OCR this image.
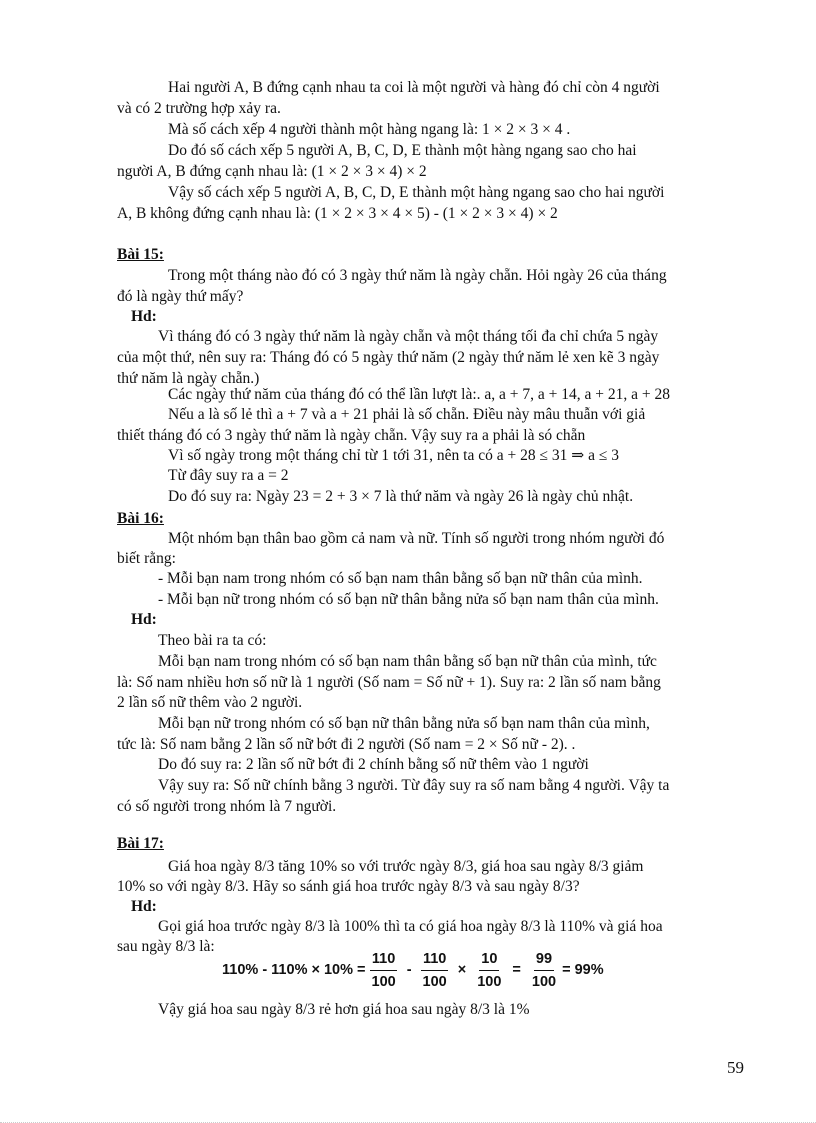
Hai người A, B đứng cạnh nhau ta coi là một người và hàng đó chỉ còn 4 người
và có 2 trường hợp xảy ra.
Mà số cách xếp 4 người thành một hàng ngang là: 1 × 2 × 3 × 4 .
Do đó số cách xếp 5 người A, B, C, D, E thành một hàng ngang sao cho hai
người A, B đứng cạnh nhau là: (1 × 2 × 3 × 4) × 2
Vậy số cách xếp 5 người A, B, C, D, E thành một hàng ngang sao cho hai người
A, B không đứng cạnh nhau là: (1 × 2 × 3 × 4 × 5) - (1 × 2 × 3 × 4) × 2
Bài 15:
Trong một tháng nào đó có 3 ngày thứ năm là ngày chẵn. Hỏi ngày 26 của tháng
đó là ngày thứ mấy?
Hd:
Vì tháng đó có 3 ngày thứ năm là ngày chẵn và một tháng tối đa chỉ chứa 5 ngày
của một thứ, nên suy ra: Tháng đó có 5 ngày thứ năm (2 ngày thứ năm lẻ xen kẽ 3 ngày
thứ năm là ngày chẵn.)
Các ngày thứ năm của tháng đó có thể lần lượt là:. a, a + 7, a + 14, a + 21, a + 28
Nếu a là số lẻ thì a + 7 và a + 21 phải là số chẵn. Điều này mâu thuẫn với giả
thiết tháng đó có 3 ngày thứ năm là ngày chẵn. Vậy suy ra a phải là só chẵn
Vì số ngày trong một tháng chỉ từ 1 tới 31, nên ta có a + 28 ≤ 31 ⇒ a ≤ 3
Từ đây suy ra a = 2
Do đó suy ra: Ngày 23 = 2 + 3 × 7 là thứ năm và ngày 26 là ngày chủ nhật.
Bài 16:
Một nhóm bạn thân bao gồm cả nam và nữ. Tính số người trong nhóm người đó
biết rằng:
- Mỗi bạn nam trong nhóm có số bạn nam thân bằng số bạn nữ thân của mình.
- Mỗi bạn nữ trong nhóm có số bạn nữ thân bằng nửa số bạn nam thân của mình.
Hd:
Theo bài ra ta có:
Mỗi bạn nam trong nhóm có số bạn nam thân bằng số bạn nữ thân của mình, tức
là: Số nam nhiều hơn số nữ là 1 người (Số nam = Số nữ + 1). Suy ra: 2 lần số nam bằng
2 lần số nữ thêm vào 2 người.
Mỗi bạn nữ trong nhóm có số bạn nữ thân bằng nửa số bạn nam thân của mình,
tức là: Số nam bằng 2 lần số nữ bớt đi 2 người (Số nam = 2 × Số nữ - 2). .
Do đó suy ra: 2 lần số nữ bớt đi 2 chính bằng số nữ thêm vào 1 người
Vậy suy ra: Số nữ chính bằng 3 người. Từ đây suy ra số nam bằng 4 người. Vậy ta
có số người trong nhóm là 7 người.
Bài 17:
Giá hoa ngày 8/3 tăng 10% so với trước ngày 8/3, giá hoa sau ngày 8/3 giảm
10% so với ngày 8/3. Hãy so sánh giá hoa trước ngày 8/3 và sau ngày 8/3?
Hd:
Gọi giá hoa trước ngày 8/3 là 100% thì ta có giá hoa ngày 8/3 là 110% và giá hoa
sau ngày 8/3 là:
$110\% - 110\% \times 10\% = \frac{110}{100} - \frac{110}{100} \times \frac{10}{100} = \frac{99}{100} = 99\%$
Vậy giá hoa sau ngày 8/3 rẻ hơn giá hoa sau ngày 8/3 là 1%
59
